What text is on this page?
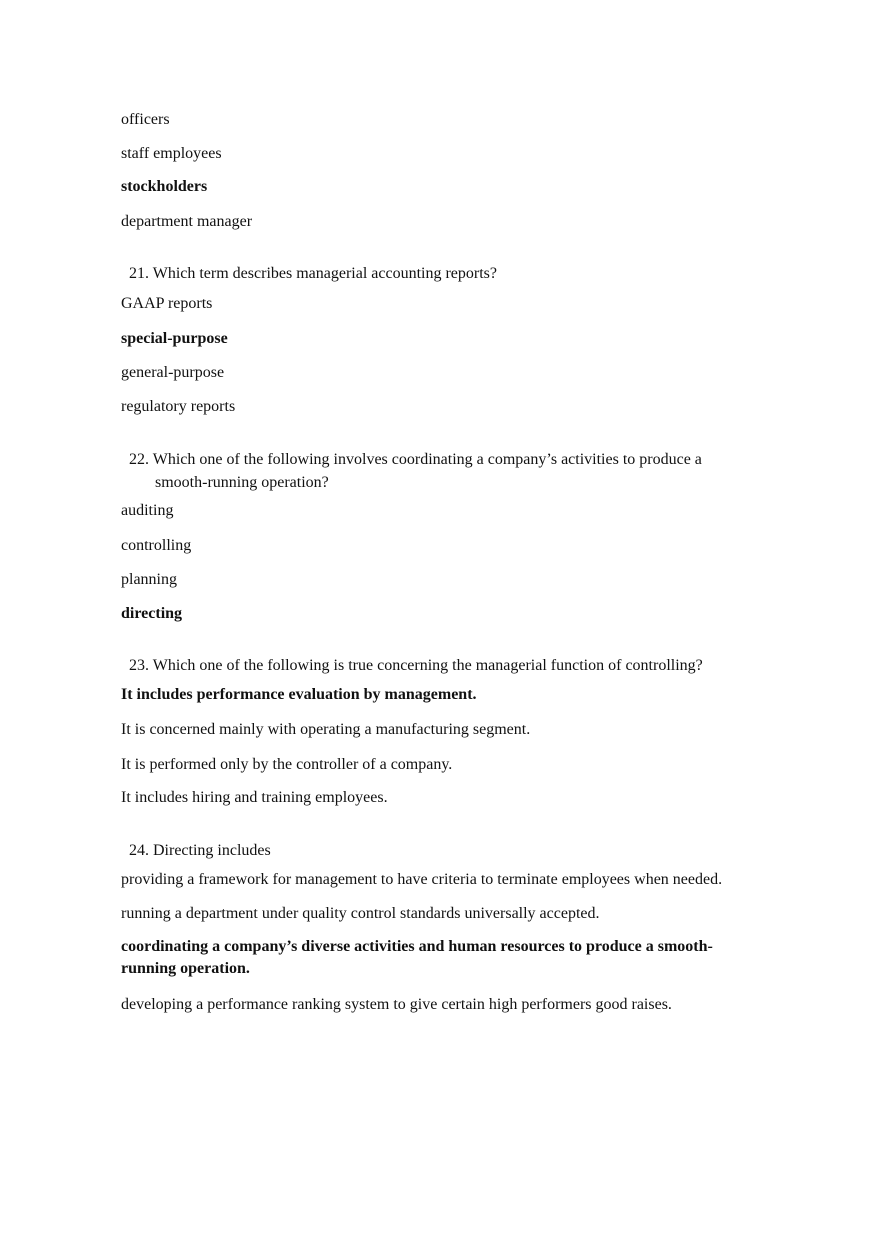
officers
staff employees
stockholders
department manager
21. Which term describes managerial accounting reports?
GAAP reports
special-purpose
general-purpose
regulatory reports
22. Which one of the following involves coordinating a company’s activities to produce a
smooth-running operation?
auditing
controlling
planning
directing
23. Which one of the following is true concerning the managerial function of controlling?
It includes performance evaluation by management.
It is concerned mainly with operating a manufacturing segment.
It is performed only by the controller of a company.
It includes hiring and training employees.
24. Directing includes
providing a framework for management to have criteria to terminate employees when needed.
running a department under quality control standards universally accepted.
coordinating a company’s diverse activities and human resources to produce a smooth-
running operation.
developing a performance ranking system to give certain high performers good raises.
